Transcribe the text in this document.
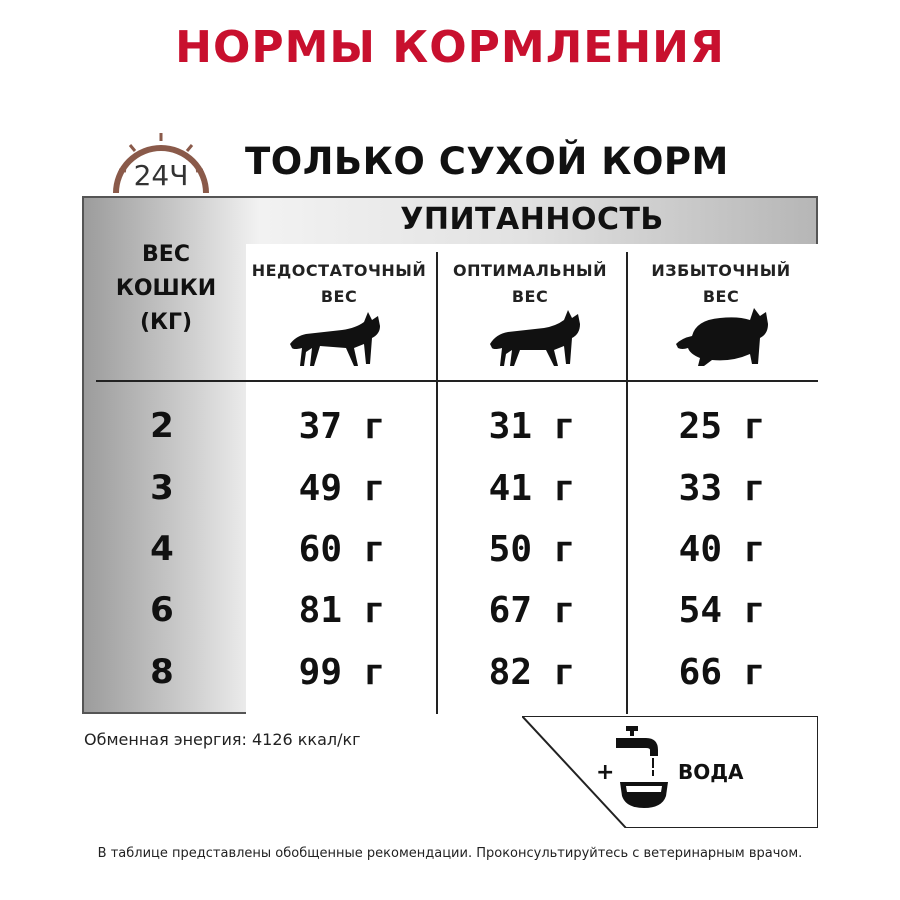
НОРМЫ КОРМЛЕНИЯ
24Ч ТОЛЬКО СУХОЙ КОРМ
УПИТАННОСТЬ
ВЕС
КОШКИ
(КГ)
НЕДОСТАТОЧНЫЙ
ВЕС
ОПТИМАЛЬНЫЙ
ВЕС
ИЗБЫТОЧНЫЙ
ВЕС
2	37 г	31 г	25 г
3	49 г	41 г	33 г
4	60 г	50 г	40 г
6	81 г	67 г	54 г
8	99 г	82 г	66 г
Обменная энергия: 4126 ккал/кг
+	ВОДА
В таблице представлены обобщенные рекомендации. Проконсультируйтесь с ветеринарным врачом.
